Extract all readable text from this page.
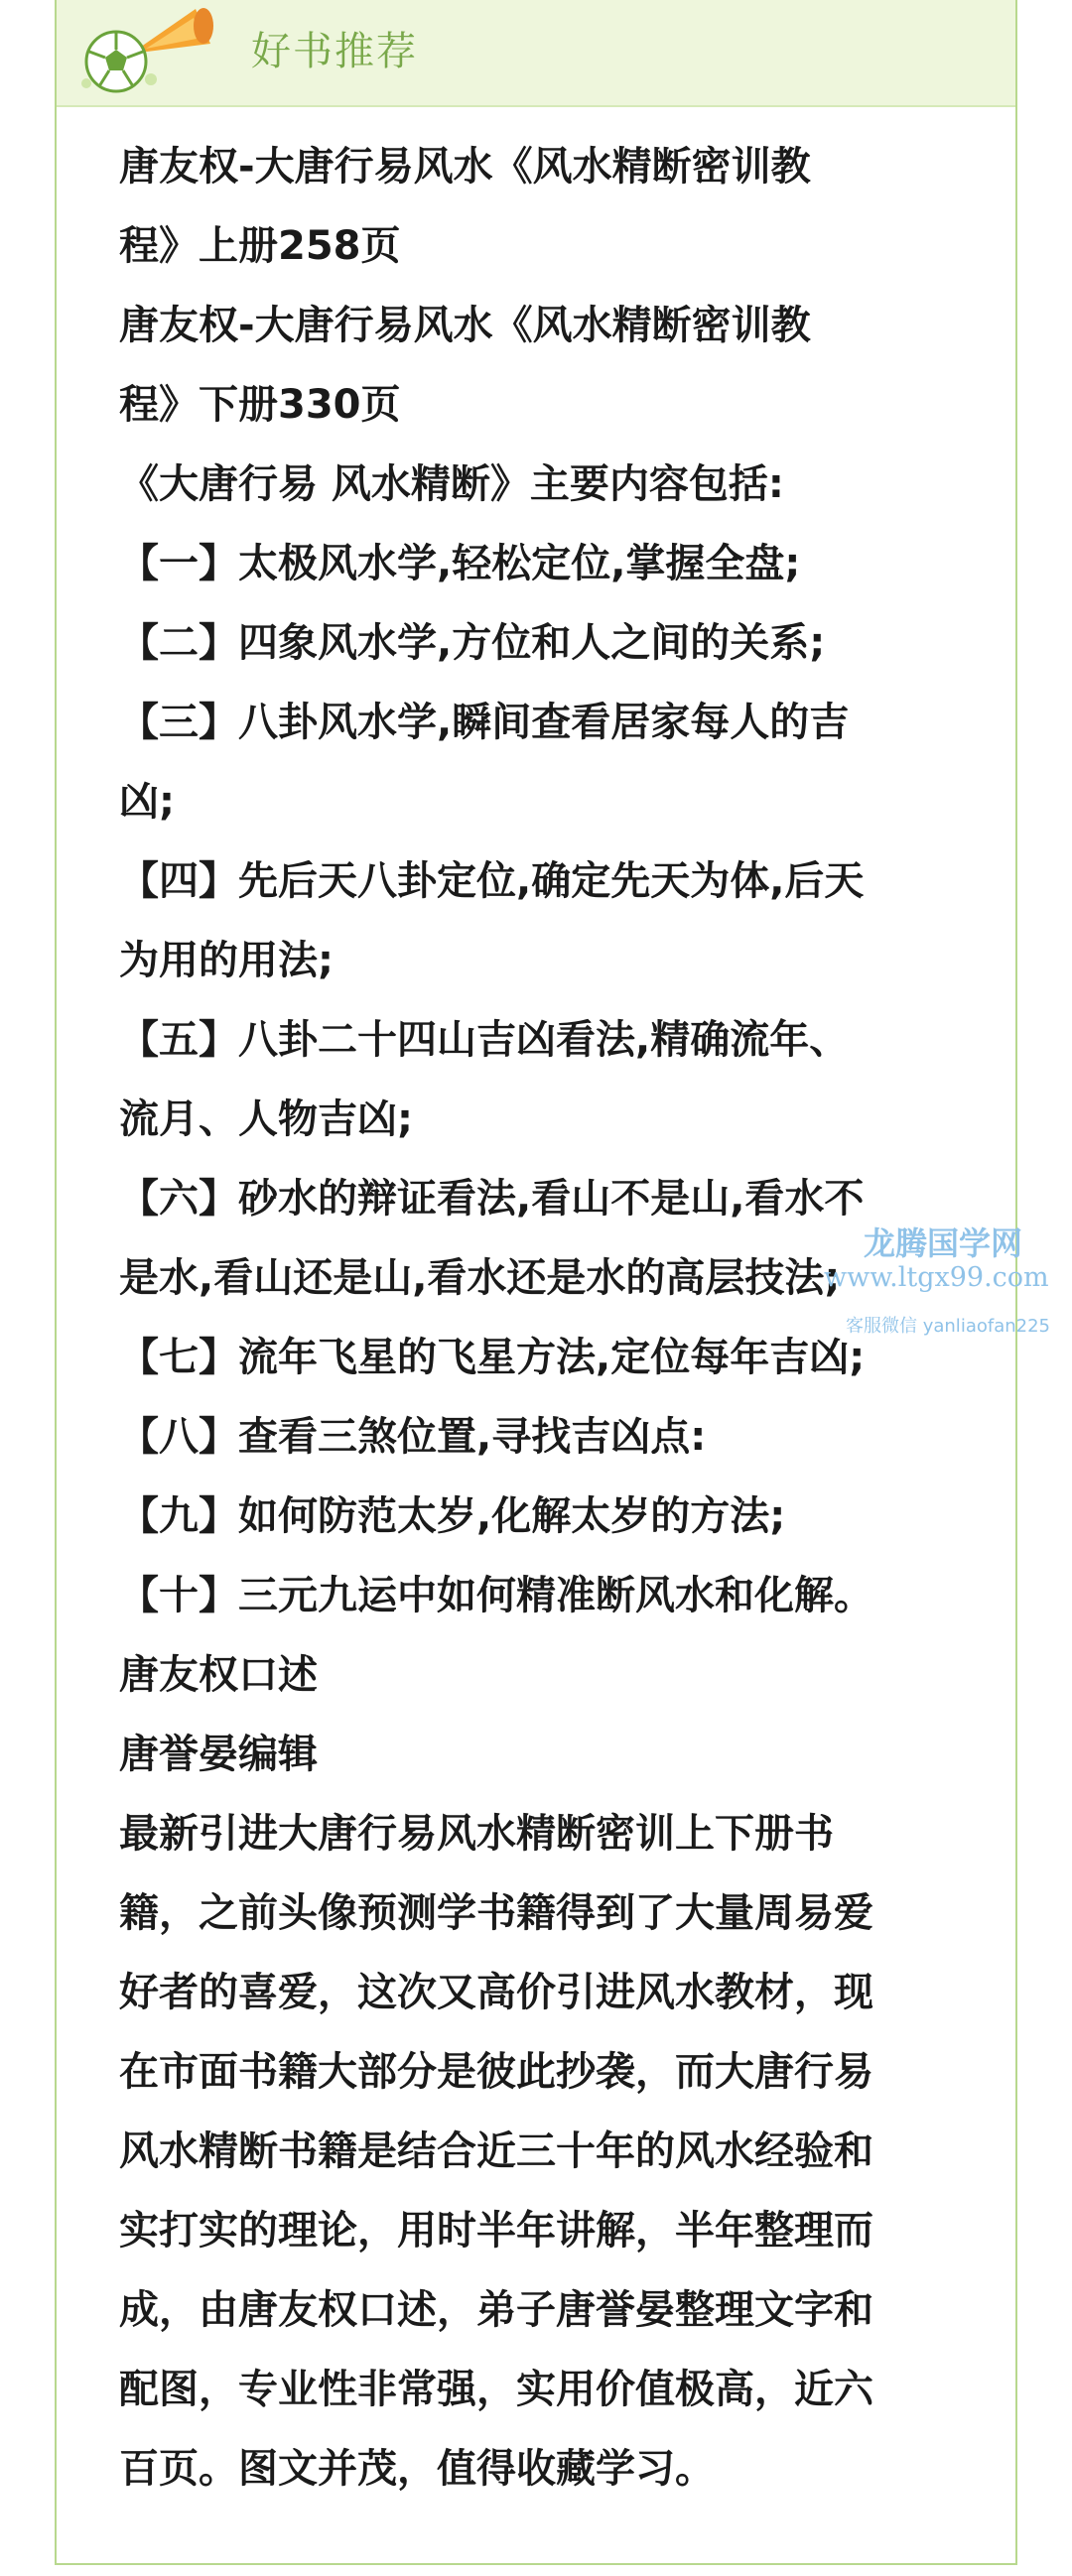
好书推荐

唐友权-大唐行易风水《风水精断密训教

程》上册258页

唐友权-大唐行易风水《风水精断密训教

程》下册330页

《大唐行易 风水精断》主要内容包括:

【一】太极风水学,轻松定位,掌握全盘;

【二】四象风水学,方位和人之间的关系;

【三】八卦风水学,瞬间查看居家每人的吉

凶;

【四】先后天八卦定位,确定先天为体,后天

为用的用法;

【五】八卦二十四山吉凶看法,精确流年、

流月、人物吉凶;

【六】砂水的辩证看法,看山不是山,看水不

是水,看山还是山,看水还是水的高层技法;

【七】流年飞星的飞星方法,定位每年吉凶;

【八】查看三煞位置,寻找吉凶点:

【九】如何防范太岁,化解太岁的方法;

【十】三元九运中如何精准断风水和化解。

唐友权口述

唐誉晏编辑

最新引进大唐行易风水精断密训上下册书

籍，之前头像预测学书籍得到了大量周易爱

好者的喜爱，这次又高价引进风水教材，现

在市面书籍大部分是彼此抄袭，而大唐行易

风水精断书籍是结合近三十年的风水经验和

实打实的理论，用时半年讲解，半年整理而

成，由唐友权口述，弟子唐誉晏整理文字和

配图，专业性非常强，实用价值极高，近六

百页。图文并茂，值得收藏学习。

龙腾国学网
www.ltgx99.com
客服微信 yanliaofan225
